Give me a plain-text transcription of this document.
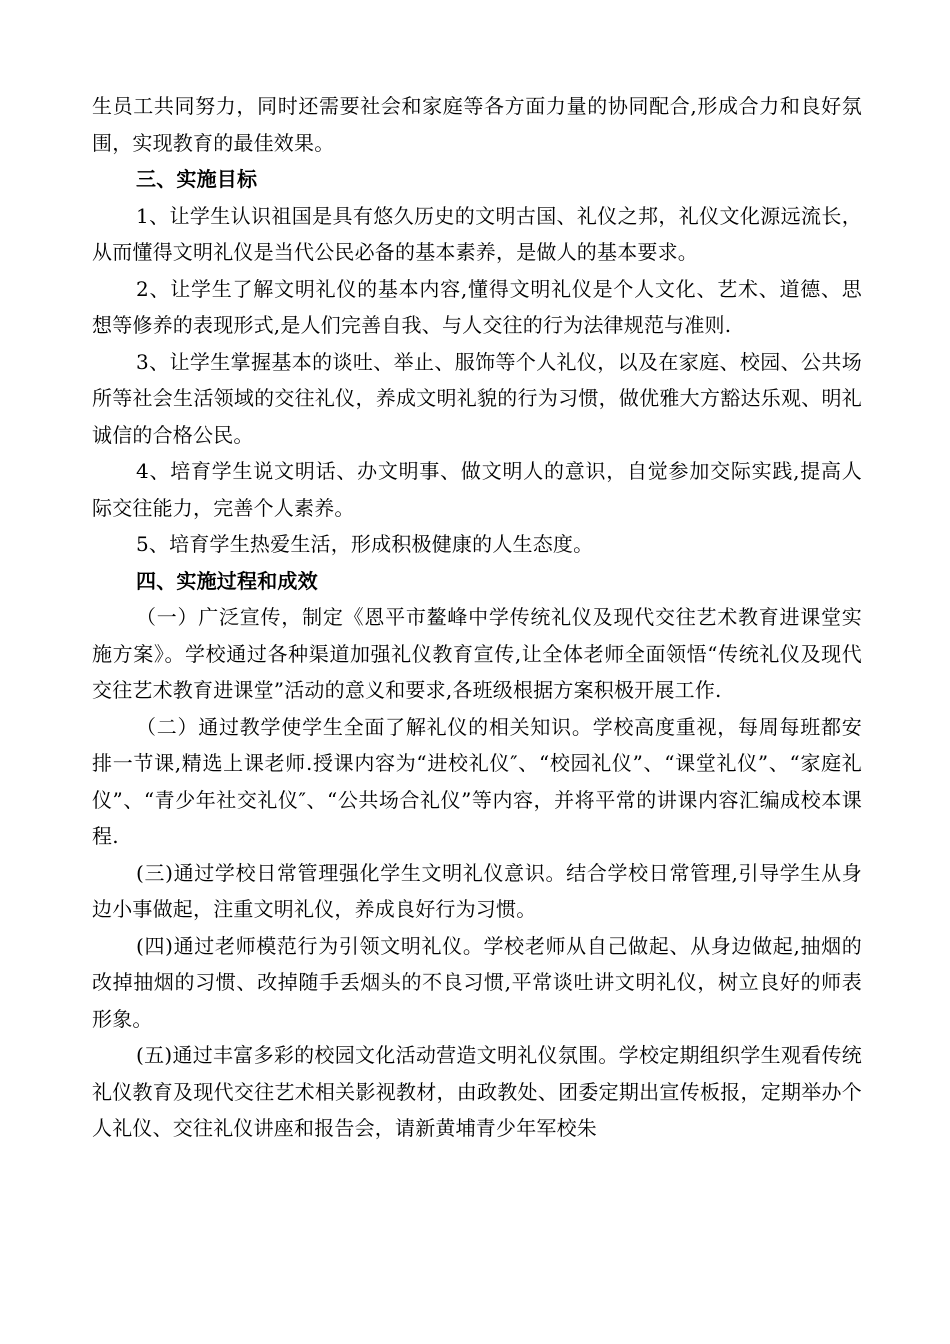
生员工共同努力，同时还需要社会和家庭等各方面力量的协同配合,形成合力和良好氛围，实现教育的最佳效果。

三、实施目标

1、让学生认识祖国是具有悠久历史的文明古国、礼仪之邦，礼仪文化源远流长，从而懂得文明礼仪是当代公民必备的基本素养，是做人的基本要求。

2、让学生了解文明礼仪的基本内容,懂得文明礼仪是个人文化、艺术、道德、思想等修养的表现形式,是人们完善自我、与人交往的行为法律规范与准则.

3、让学生掌握基本的谈吐、举止、服饰等个人礼仪，以及在家庭、校园、公共场所等社会生活领域的交往礼仪，养成文明礼貌的行为习惯，做优雅大方豁达乐观、明礼诚信的合格公民。

4、培育学生说文明话、办文明事、做文明人的意识，自觉参加交际实践,提高人际交往能力，完善个人素养。

5、培育学生热爱生活，形成积极健康的人生态度。

四、实施过程和成效

（一）广泛宣传，制定《恩平市鳌峰中学传统礼仪及现代交往艺术教育进课堂实施方案》。学校通过各种渠道加强礼仪教育宣传,让全体老师全面领悟“传统礼仪及现代交往艺术教育进课堂”活动的意义和要求,各班级根据方案积极开展工作.

（二）通过教学使学生全面了解礼仪的相关知识。学校高度重视，每周每班都安排一节课,精选上课老师.授课内容为“进校礼仪″、“校园礼仪”、“课堂礼仪”、“家庭礼仪”、“青少年社交礼仪″、“公共场合礼仪”等内容，并将平常的讲课内容汇编成校本课程.

(三)通过学校日常管理强化学生文明礼仪意识。结合学校日常管理,引导学生从身边小事做起，注重文明礼仪，养成良好行为习惯。

(四)通过老师模范行为引领文明礼仪。学校老师从自己做起、从身边做起,抽烟的改掉抽烟的习惯、改掉随手丢烟头的不良习惯,平常谈吐讲文明礼仪，树立良好的师表形象。

(五)通过丰富多彩的校园文化活动营造文明礼仪氛围。学校定期组织学生观看传统礼仪教育及现代交往艺术相关影视教材，由政教处、团委定期出宣传板报，定期举办个人礼仪、交往礼仪讲座和报告会，请新黄埔青少年军校朱
